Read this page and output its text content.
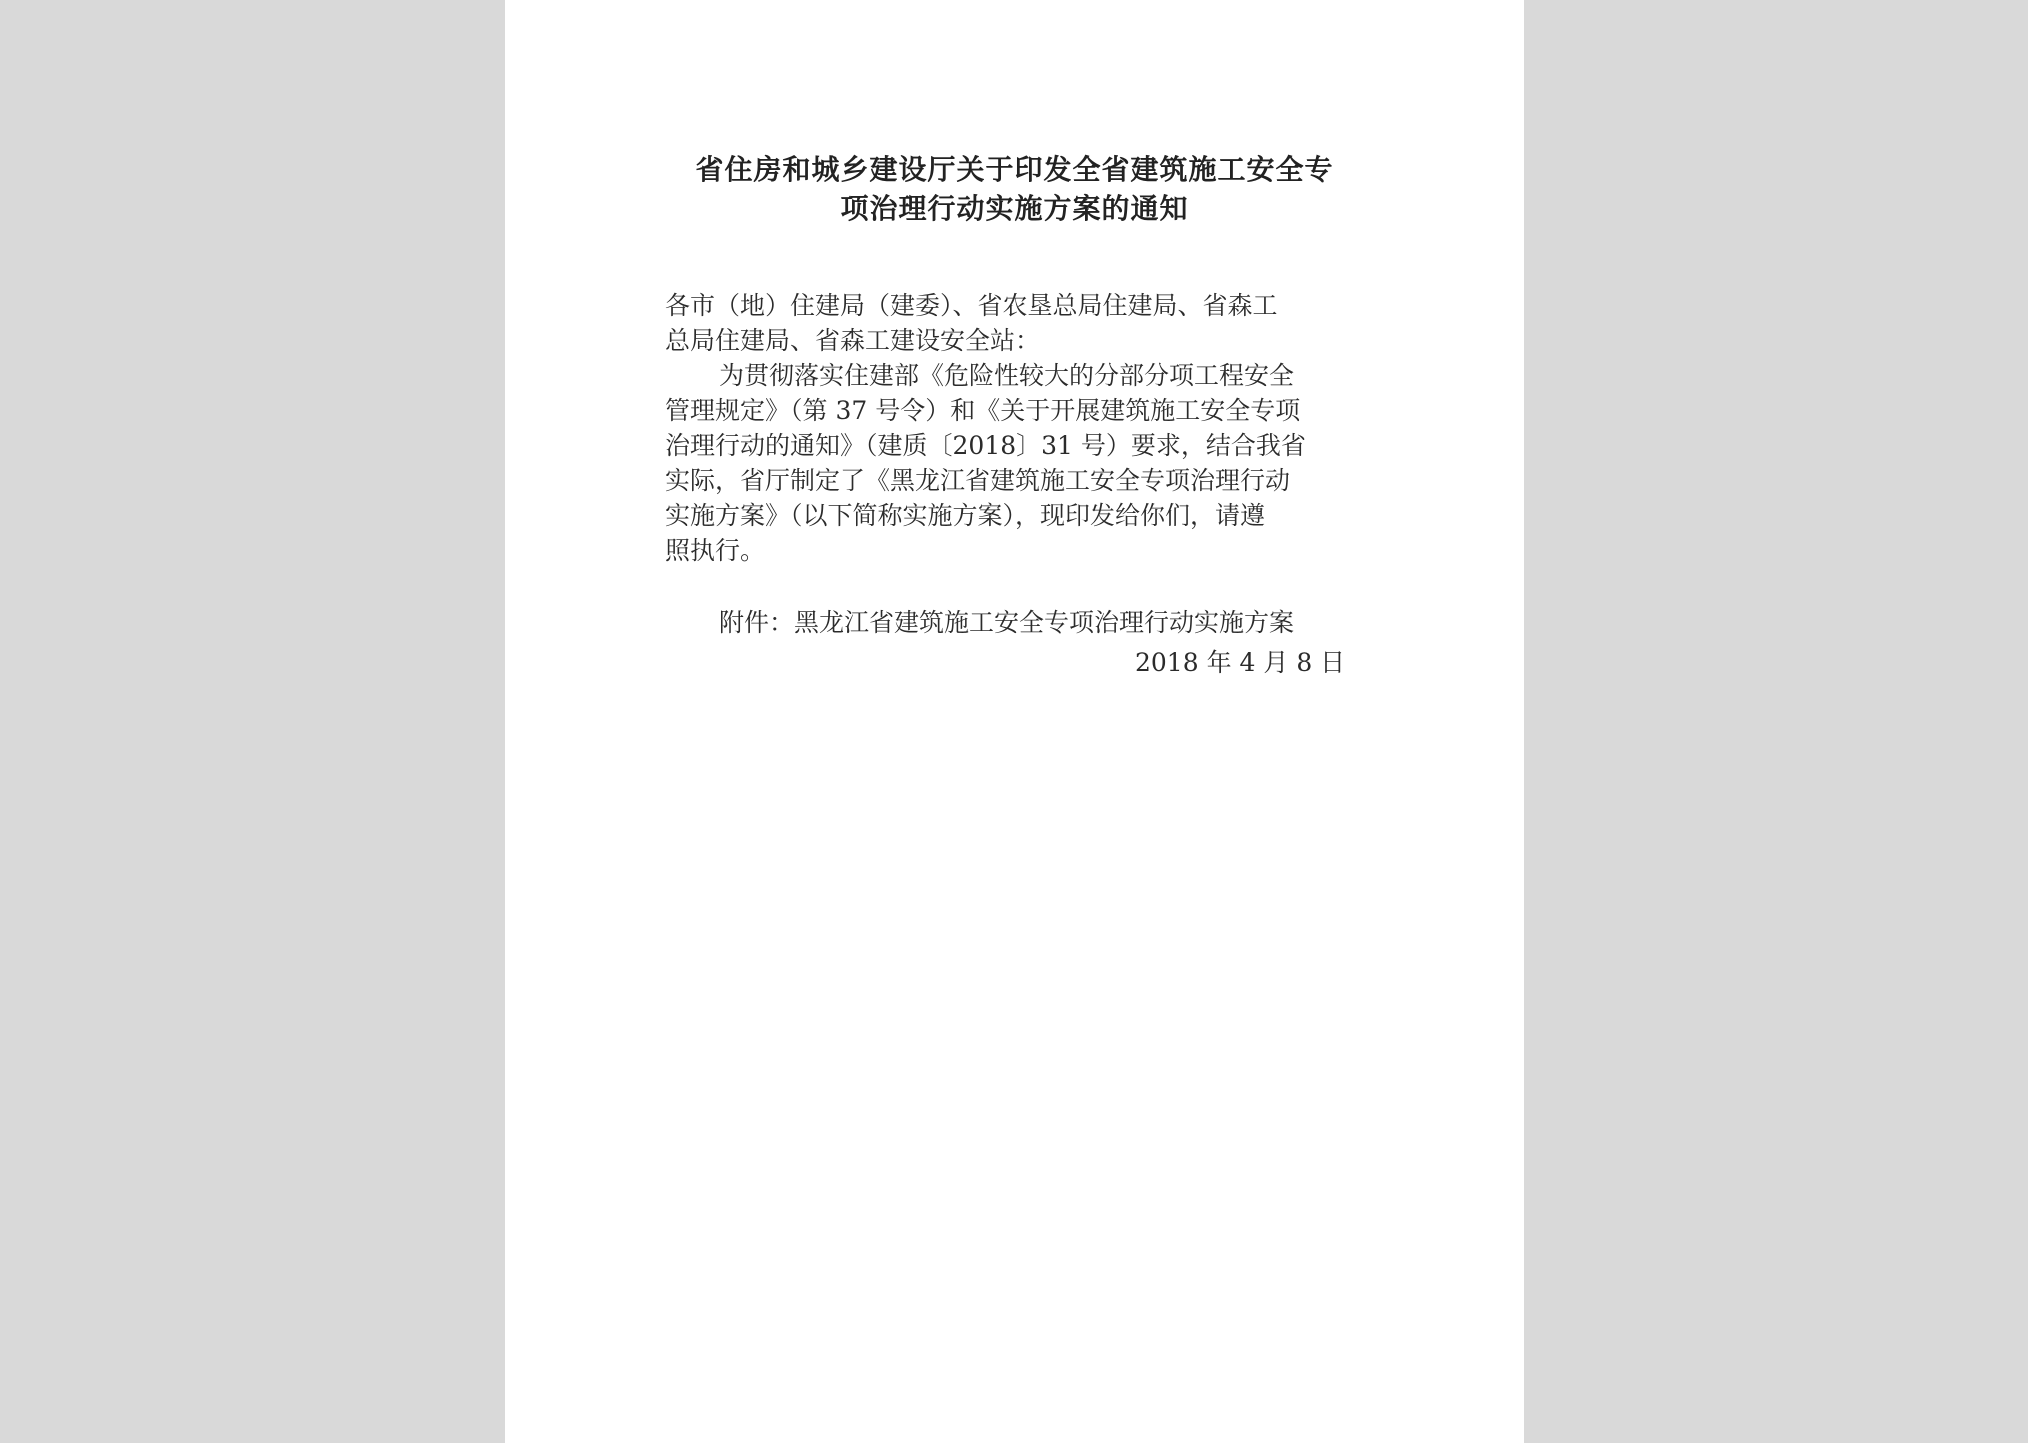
省住房和城乡建设厅关于印发全省建筑施工安全专
项治理行动实施方案的通知
各市（地）住建局（建委）、省农垦总局住建局、省森工
总局住建局、省森工建设安全站：
为贯彻落实住建部《危险性较大的分部分项工程安全
管理规定》（第 37 号令）和《关于开展建筑施工安全专项
治理行动的通知》（建质〔2018〕31 号）要求，结合我省
实际，省厅制定了《黑龙江省建筑施工安全专项治理行动
实施方案》（以下简称实施方案），现印发给你们，请遵
照执行。
附件：黑龙江省建筑施工安全专项治理行动实施方案
2018 年 4 月 8 日
